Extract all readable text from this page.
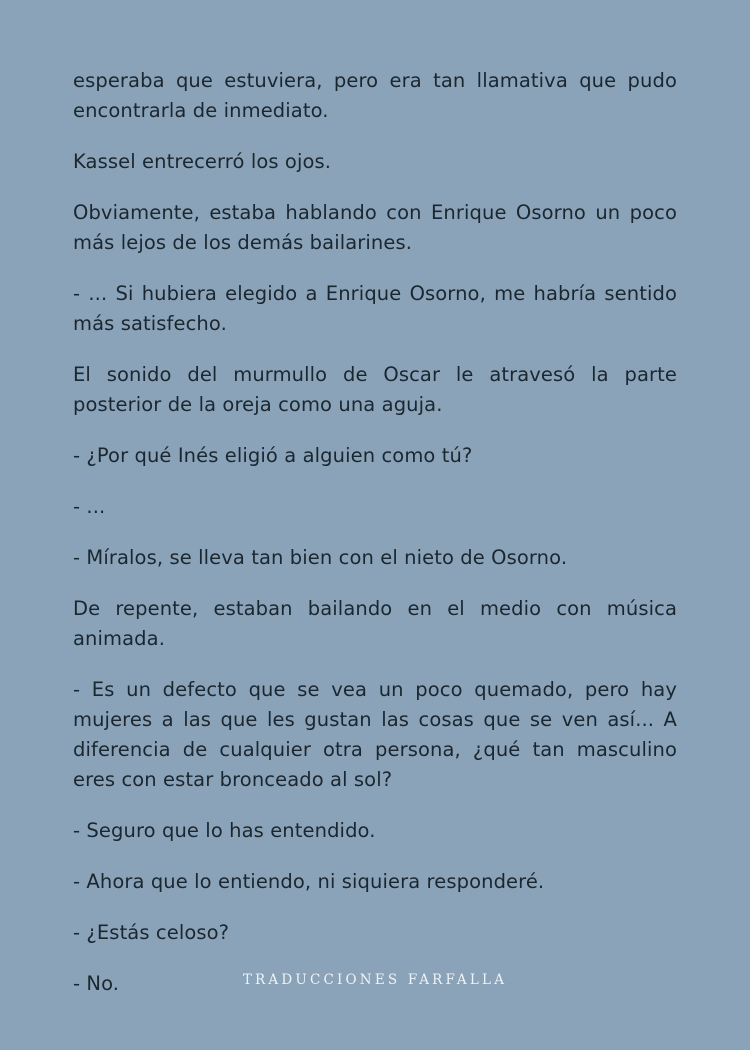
esperaba que estuviera, pero era tan llamativa que pudo encontrarla de inmediato.

Kassel entrecerró los ojos.

Obviamente, estaba hablando con Enrique Osorno un poco más lejos de los demás bailarines.

- ... Si hubiera elegido a Enrique Osorno, me habría sentido más satisfecho.

El sonido del murmullo de Oscar le atravesó la parte posterior de la oreja como una aguja.

- ¿Por qué Inés eligió a alguien como tú?

- ...

- Míralos, se lleva tan bien con el nieto de Osorno.

De repente, estaban bailando en el medio con música animada.

- Es un defecto que se vea un poco quemado, pero hay mujeres a las que les gustan las cosas que se ven así... A diferencia de cualquier otra persona, ¿qué tan masculino eres con estar bronceado al sol?

- Seguro que lo has entendido.

- Ahora que lo entiendo, ni siquiera responderé.

- ¿Estás celoso?

- No.	TRADUCCIONES FARFALLA
